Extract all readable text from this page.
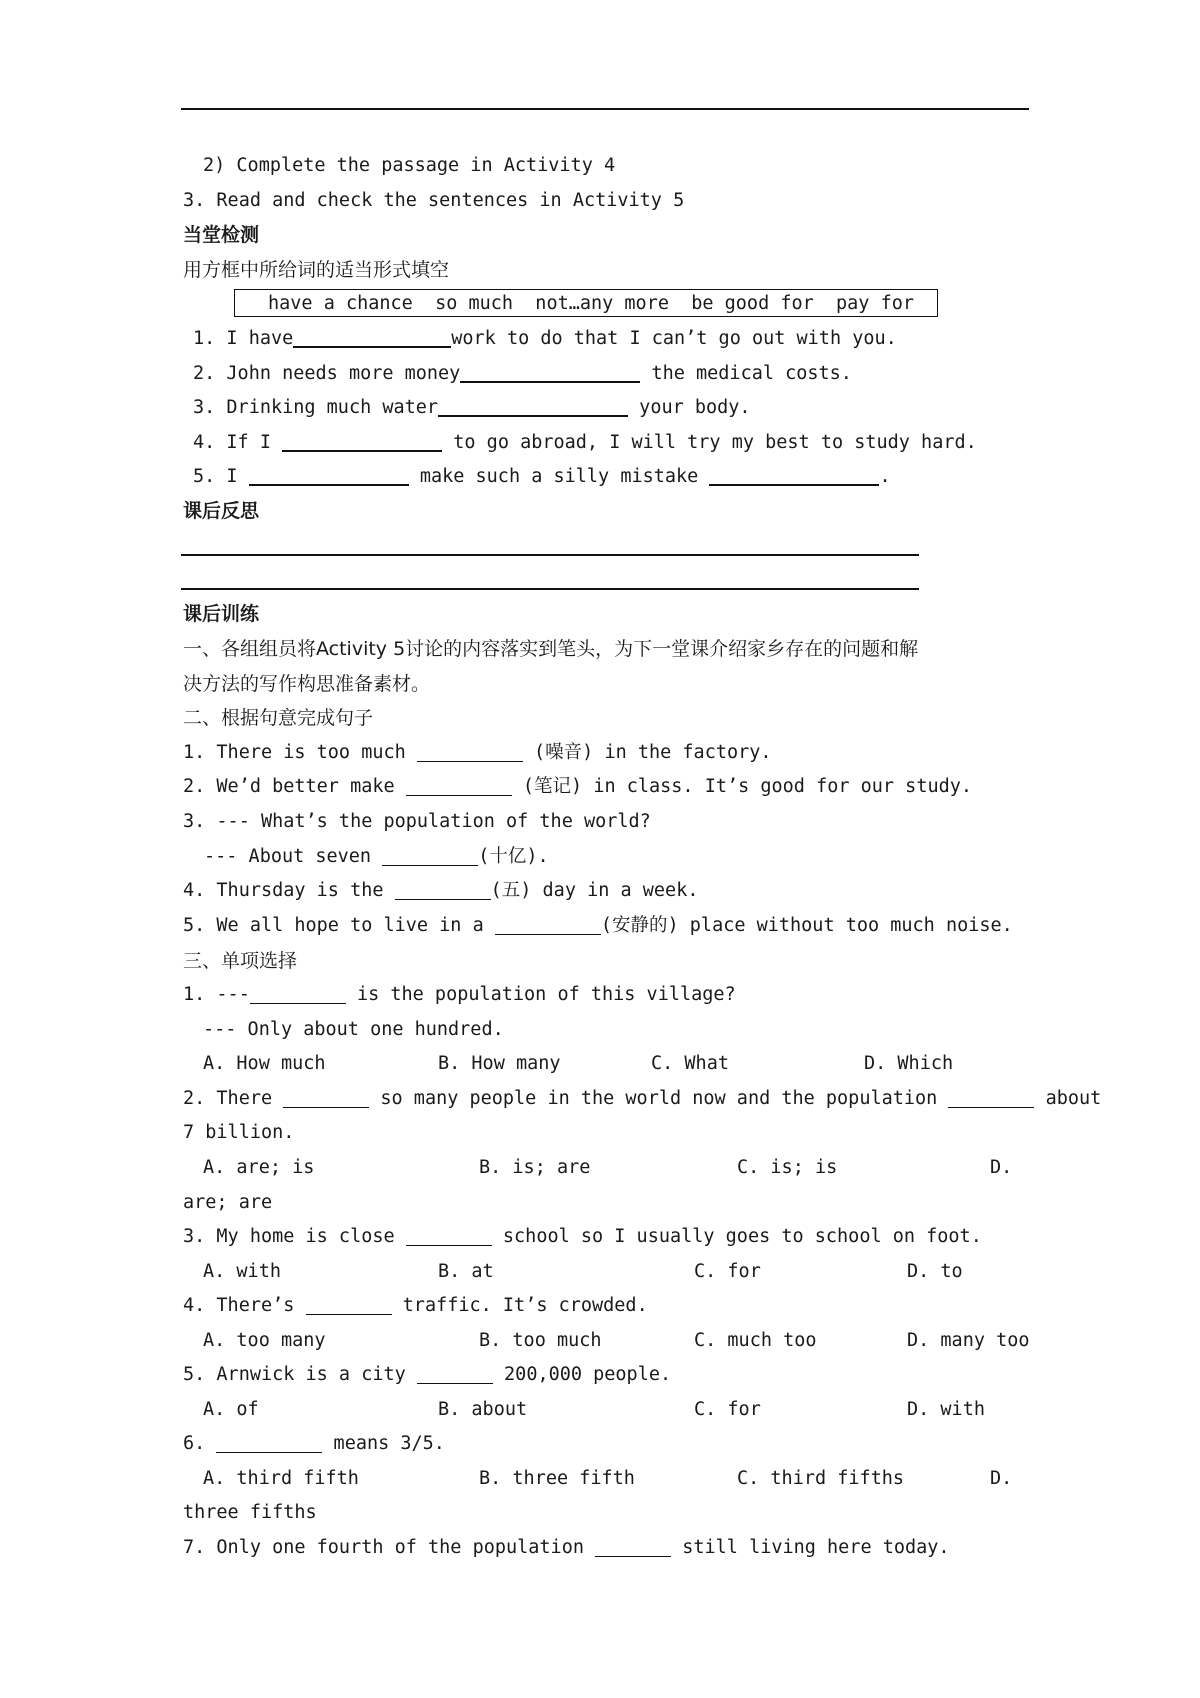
2) Complete the passage in Activity 4
3. Read and check the sentences in Activity 5
当堂检测
用方框中所给词的适当形式填空
have a chance  so much  not…any more  be good for  pay for
1. I have	work to do that I can’t go out with you.
2. John needs more money	the medical costs.
3. Drinking much water	your body.
4. If I	to go abroad, I will try my best to study hard.
5. I	make such a silly mistake	.
课后反思
课后训练
一、各组组员将Activity 5讨论的内容落实到笔头，为下一堂课介绍家乡存在的问题和解
决方法的写作构思准备素材。
二、根据句意完成句子
1. There is too much	(噪音) in the factory.
2. We’d better make	(笔记) in class. It’s good for our study.
3. --- What’s the population of the world?
--- About seven	(十亿).
4. Thursday is the	(五) day in a week.
5. We all hope to live in a	(安静的) place without too much noise.
三、单项选择
1. ---	is the population of this village?
--- Only about one hundred.
A. How much	B. How many	C. What	D. Which
2. There	so many people in the world now and the population	about
7 billion.
A. are; is	B. is; are	C. is; is	D.
are; are
3. My home is close	school so I usually goes to school on foot.
A. with	B. at	C. for	D. to
4. There’s	traffic. It’s crowded.
A. too many	B. too much	C. much too	D. many too
5. Arnwick is a city	200,000 people.
A. of	B. about	C. for	D. with
6.	means 3/5.
A. third fifth	B. three fifth	C. third fifths	D.
three fifths
7. Only one fourth of the population	still living here today.
